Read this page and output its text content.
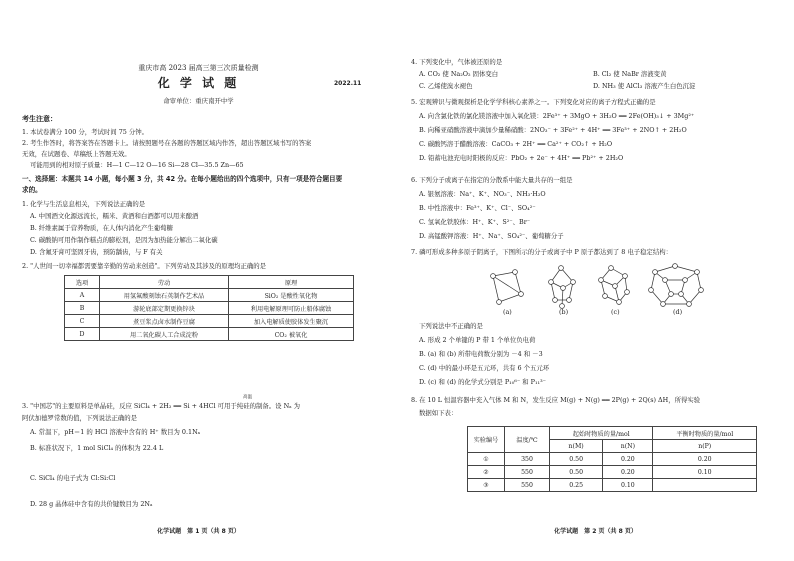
重庆市高 2023 届高三第三次质量检测
化 学 试 题	2022.11
命审单位：重庆南开中学
考生注意：
1. 本试卷满分 100 分，考试时间 75 分钟。
2. 考生作答时，将答案答在答题卡上。请按照题号在各题的答题区域内作答，超出答题区域书写的答案
无效，在试题卷、草稿纸上答题无效。
可能用到的相对原子质量：H—1 C—12 O—16 Si—28 Cl—35.5 Zn—65
一、选择题：本题共 14 小题，每小题 3 分，共 42 分。在每小题给出的四个选项中，只有一项是符合题目要
求的。
1. 化学与生活息息相关，下列说法正确的是
A. 中国酒文化源远流长，糯米、黄酒和白酒都可以用来酿酒
B. 纤维素属于营养物质，在人体内消化产生葡萄糖
C. 碳酸钠可用作制作糕点的膨松剂，是因为加热能分解出二氧化碳
D. 含氟牙膏可坚固牙齿，预防龋齿，与 F 有关
2. "人世间一切幸福都需要靠辛勤的劳动来创造"。下列劳动及其涉及的原理均正确的是
选项	劳动	原理
A	用氢氟酸刻蚀石英制作艺术品	SiO₂ 是酸性氧化物
B	游轮底部定期更换锌块	利用电解原理可防止船体腐蚀
C	煮豆浆点卤水制作豆腐	加入电解质使胶体发生聚沉
D	用二氧化碳人工合成淀粉	CO₂ 被氧化
高温
3. "中国芯"的主要原料是单晶硅，反应 SiCl₄ + 2H₂ ══ Si + 4HCl 可用于纯硅的制备。设 Nₐ 为
阿伏加德罗常数的值，下列说法正确的是
A. 常温下，pH＝1 的 HCl 溶液中含有的 H⁺ 数目为 0.1Nₐ
B. 标准状况下，1 mol SiCl₄ 的体积为 22.4 L
C. SiCl₄ 的电子式为 Cl:Si:Cl
D. 28 g 晶体硅中含有的共价键数目为 2Nₐ
化学试题　第 1 页（共 8 页）
4. 下列变化中，气体被还原的是
A. CO₂ 使 Na₂O₂ 固体变白	B. Cl₂ 使 NaBr 溶液变黄
C. 乙烯使溴水褪色	D. NH₃ 使 AlCl₃ 溶液产生白色沉淀
5. 宏观辨识与微观探析是化学学科核心素养之一。下列变化对应的离子方程式正确的是
A. 向含氯化铁的氯化镁溶液中加入氧化镁：2Fe³⁺ + 3MgO + 3H₂O ══ 2Fe(OH)₃↓ + 3Mg²⁺
B. 向稀亚硝酸溶液中滴加少量稀硝酸：2NO₃⁻ + 3Fe²⁺ + 4H⁺ ══ 3Fe³⁺ + 2NO↑ + 2H₂O
C. 碳酸钙溶于醋酸溶液：CaCO₃ + 2H⁺ ══ Ca²⁺ + CO₂↑ + H₂O
D. 铅蓄电池充电时阳极的反应：PbO₂ + 2e⁻ + 4H⁺ ══ Pb²⁺ + 2H₂O
6. 下列分子或离子在指定的分散系中能大量共存的一组是
A. 银氨溶液：Na⁺、K⁺、NO₃⁻、NH₃·H₂O
B. 中性溶液中：Fe³⁺、K⁺、Cl⁻、SO₄²⁻
C. 氢氧化铁胶体：H⁺、K⁺、S²⁻、Br⁻
D. 高锰酸钾溶液：H⁺、Na⁺、SO₄²⁻、葡萄糖分子
7. 磷可形成多种多原子阴离子，下图所示的分子或离子中 P 原子都达到了 8 电子稳定结构：
(a)	(b)	(c)	(d)
下列说法中不正确的是
A. 形成 2 个单键的 P 带 1 个单位负电荷
B. (a) 和 (b) 所带电荷数分别为 －4 和 －3
C. (d) 中的最小环是五元环，共有 6 个五元环
D. (c) 和 (d) 的化学式分别是 P₁₀⁶⁻ 和 P₁₁³⁻
8. 在 10 L 恒温容器中充入气体 M 和 N，发生反应 M(g) + N(g) ══ 2P(g) + 2Q(s) ΔH，所得实验
数据如下表：
实验编号	温度/℃	起始时物质的量/mol		平衡时物质的量/mol
		n(M)	n(N)	n(P)
①	350	0.50	0.20	0.20
②	550	0.50	0.20	0.10
③	550	0.25	0.10	
化学试题　第 2 页（共 8 页）
